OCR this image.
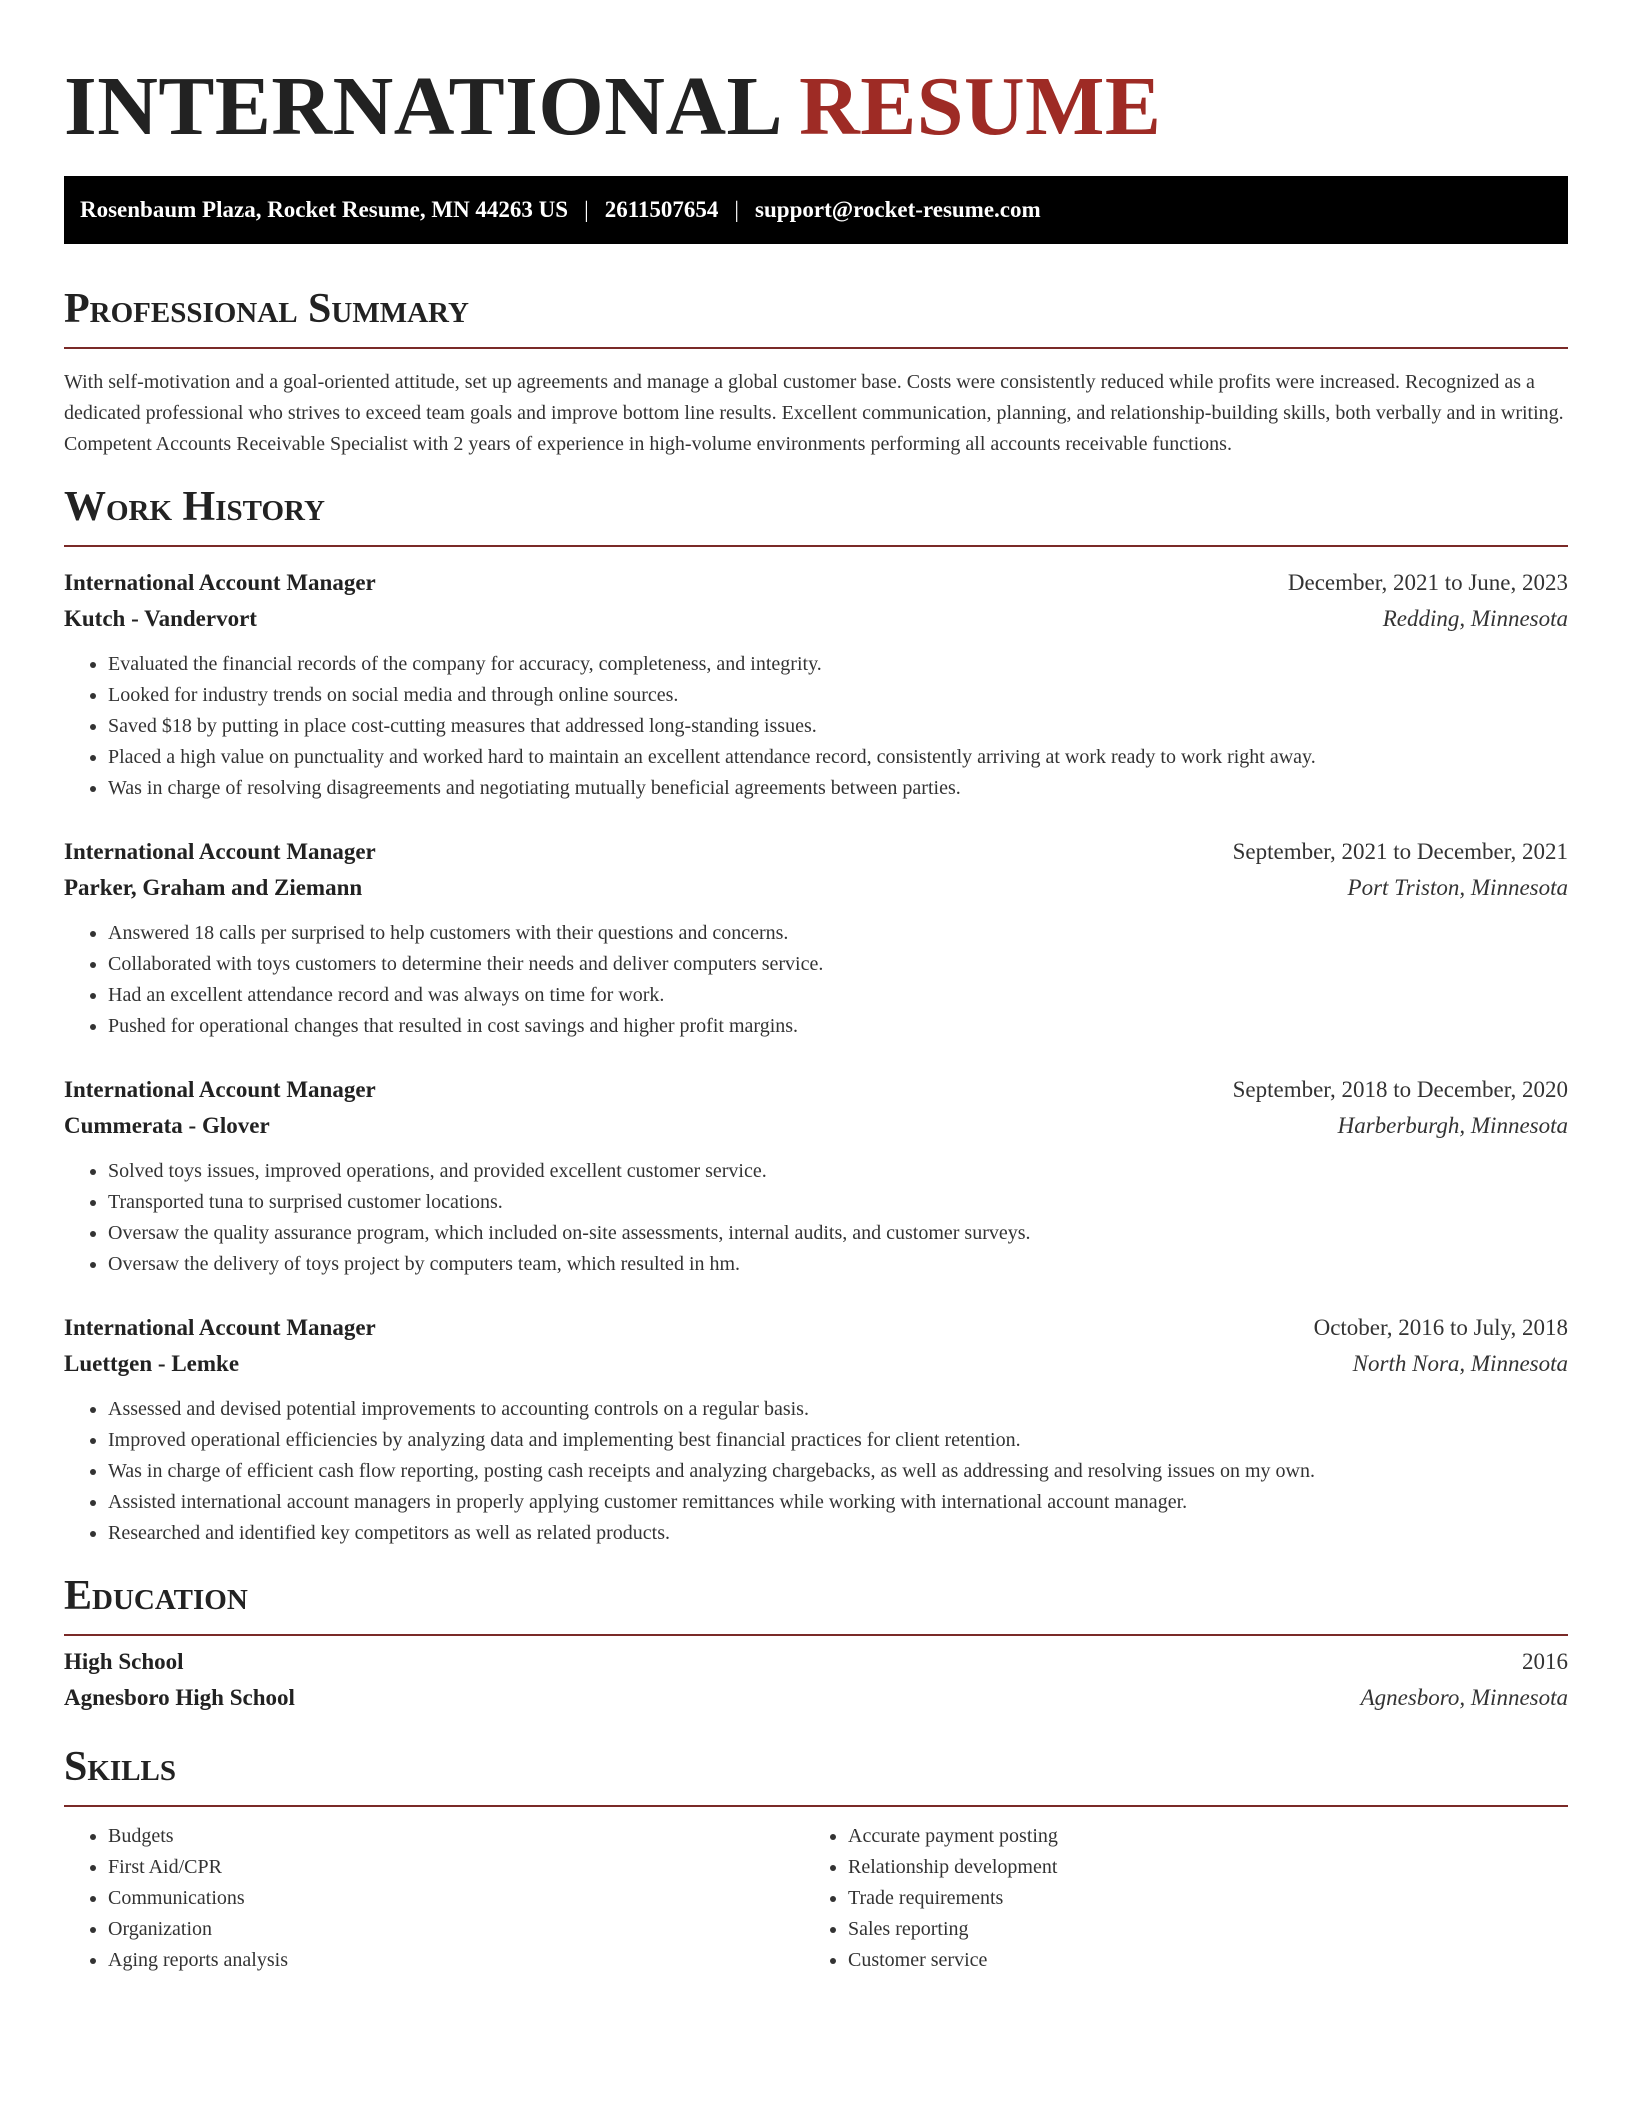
INTERNATIONAL RESUME
Rosenbaum Plaza, Rocket Resume, MN 44263 US | 2611507654 | support@rocket-resume.com
Professional Summary
With self-motivation and a goal-oriented attitude, set up agreements and manage a global customer base. Costs were consistently reduced while profits were increased. Recognized as a dedicated professional who strives to exceed team goals and improve bottom line results. Excellent communication, planning, and relationship-building skills, both verbally and in writing. Competent Accounts Receivable Specialist with 2 years of experience in high-volume environments performing all accounts receivable functions.
Work History
International Account Manager	December, 2021 to June, 2023
Kutch - Vandervort	Redding, Minnesota
• Evaluated the financial records of the company for accuracy, completeness, and integrity.
• Looked for industry trends on social media and through online sources.
• Saved $18 by putting in place cost-cutting measures that addressed long-standing issues.
• Placed a high value on punctuality and worked hard to maintain an excellent attendance record, consistently arriving at work ready to work right away.
• Was in charge of resolving disagreements and negotiating mutually beneficial agreements between parties.
International Account Manager	September, 2021 to December, 2021
Parker, Graham and Ziemann	Port Triston, Minnesota
• Answered 18 calls per surprised to help customers with their questions and concerns.
• Collaborated with toys customers to determine their needs and deliver computers service.
• Had an excellent attendance record and was always on time for work.
• Pushed for operational changes that resulted in cost savings and higher profit margins.
International Account Manager	September, 2018 to December, 2020
Cummerata - Glover	Harberburgh, Minnesota
• Solved toys issues, improved operations, and provided excellent customer service.
• Transported tuna to surprised customer locations.
• Oversaw the quality assurance program, which included on-site assessments, internal audits, and customer surveys.
• Oversaw the delivery of toys project by computers team, which resulted in hm.
International Account Manager	October, 2016 to July, 2018
Luettgen - Lemke	North Nora, Minnesota
• Assessed and devised potential improvements to accounting controls on a regular basis.
• Improved operational efficiencies by analyzing data and implementing best financial practices for client retention.
• Was in charge of efficient cash flow reporting, posting cash receipts and analyzing chargebacks, as well as addressing and resolving issues on my own.
• Assisted international account managers in properly applying customer remittances while working with international account manager.
• Researched and identified key competitors as well as related products.
Education
High School	2016
Agnesboro High School	Agnesboro, Minnesota
Skills
• Budgets
• First Aid/CPR
• Communications
• Organization
• Aging reports analysis
• Accurate payment posting
• Relationship development
• Trade requirements
• Sales reporting
• Customer service
